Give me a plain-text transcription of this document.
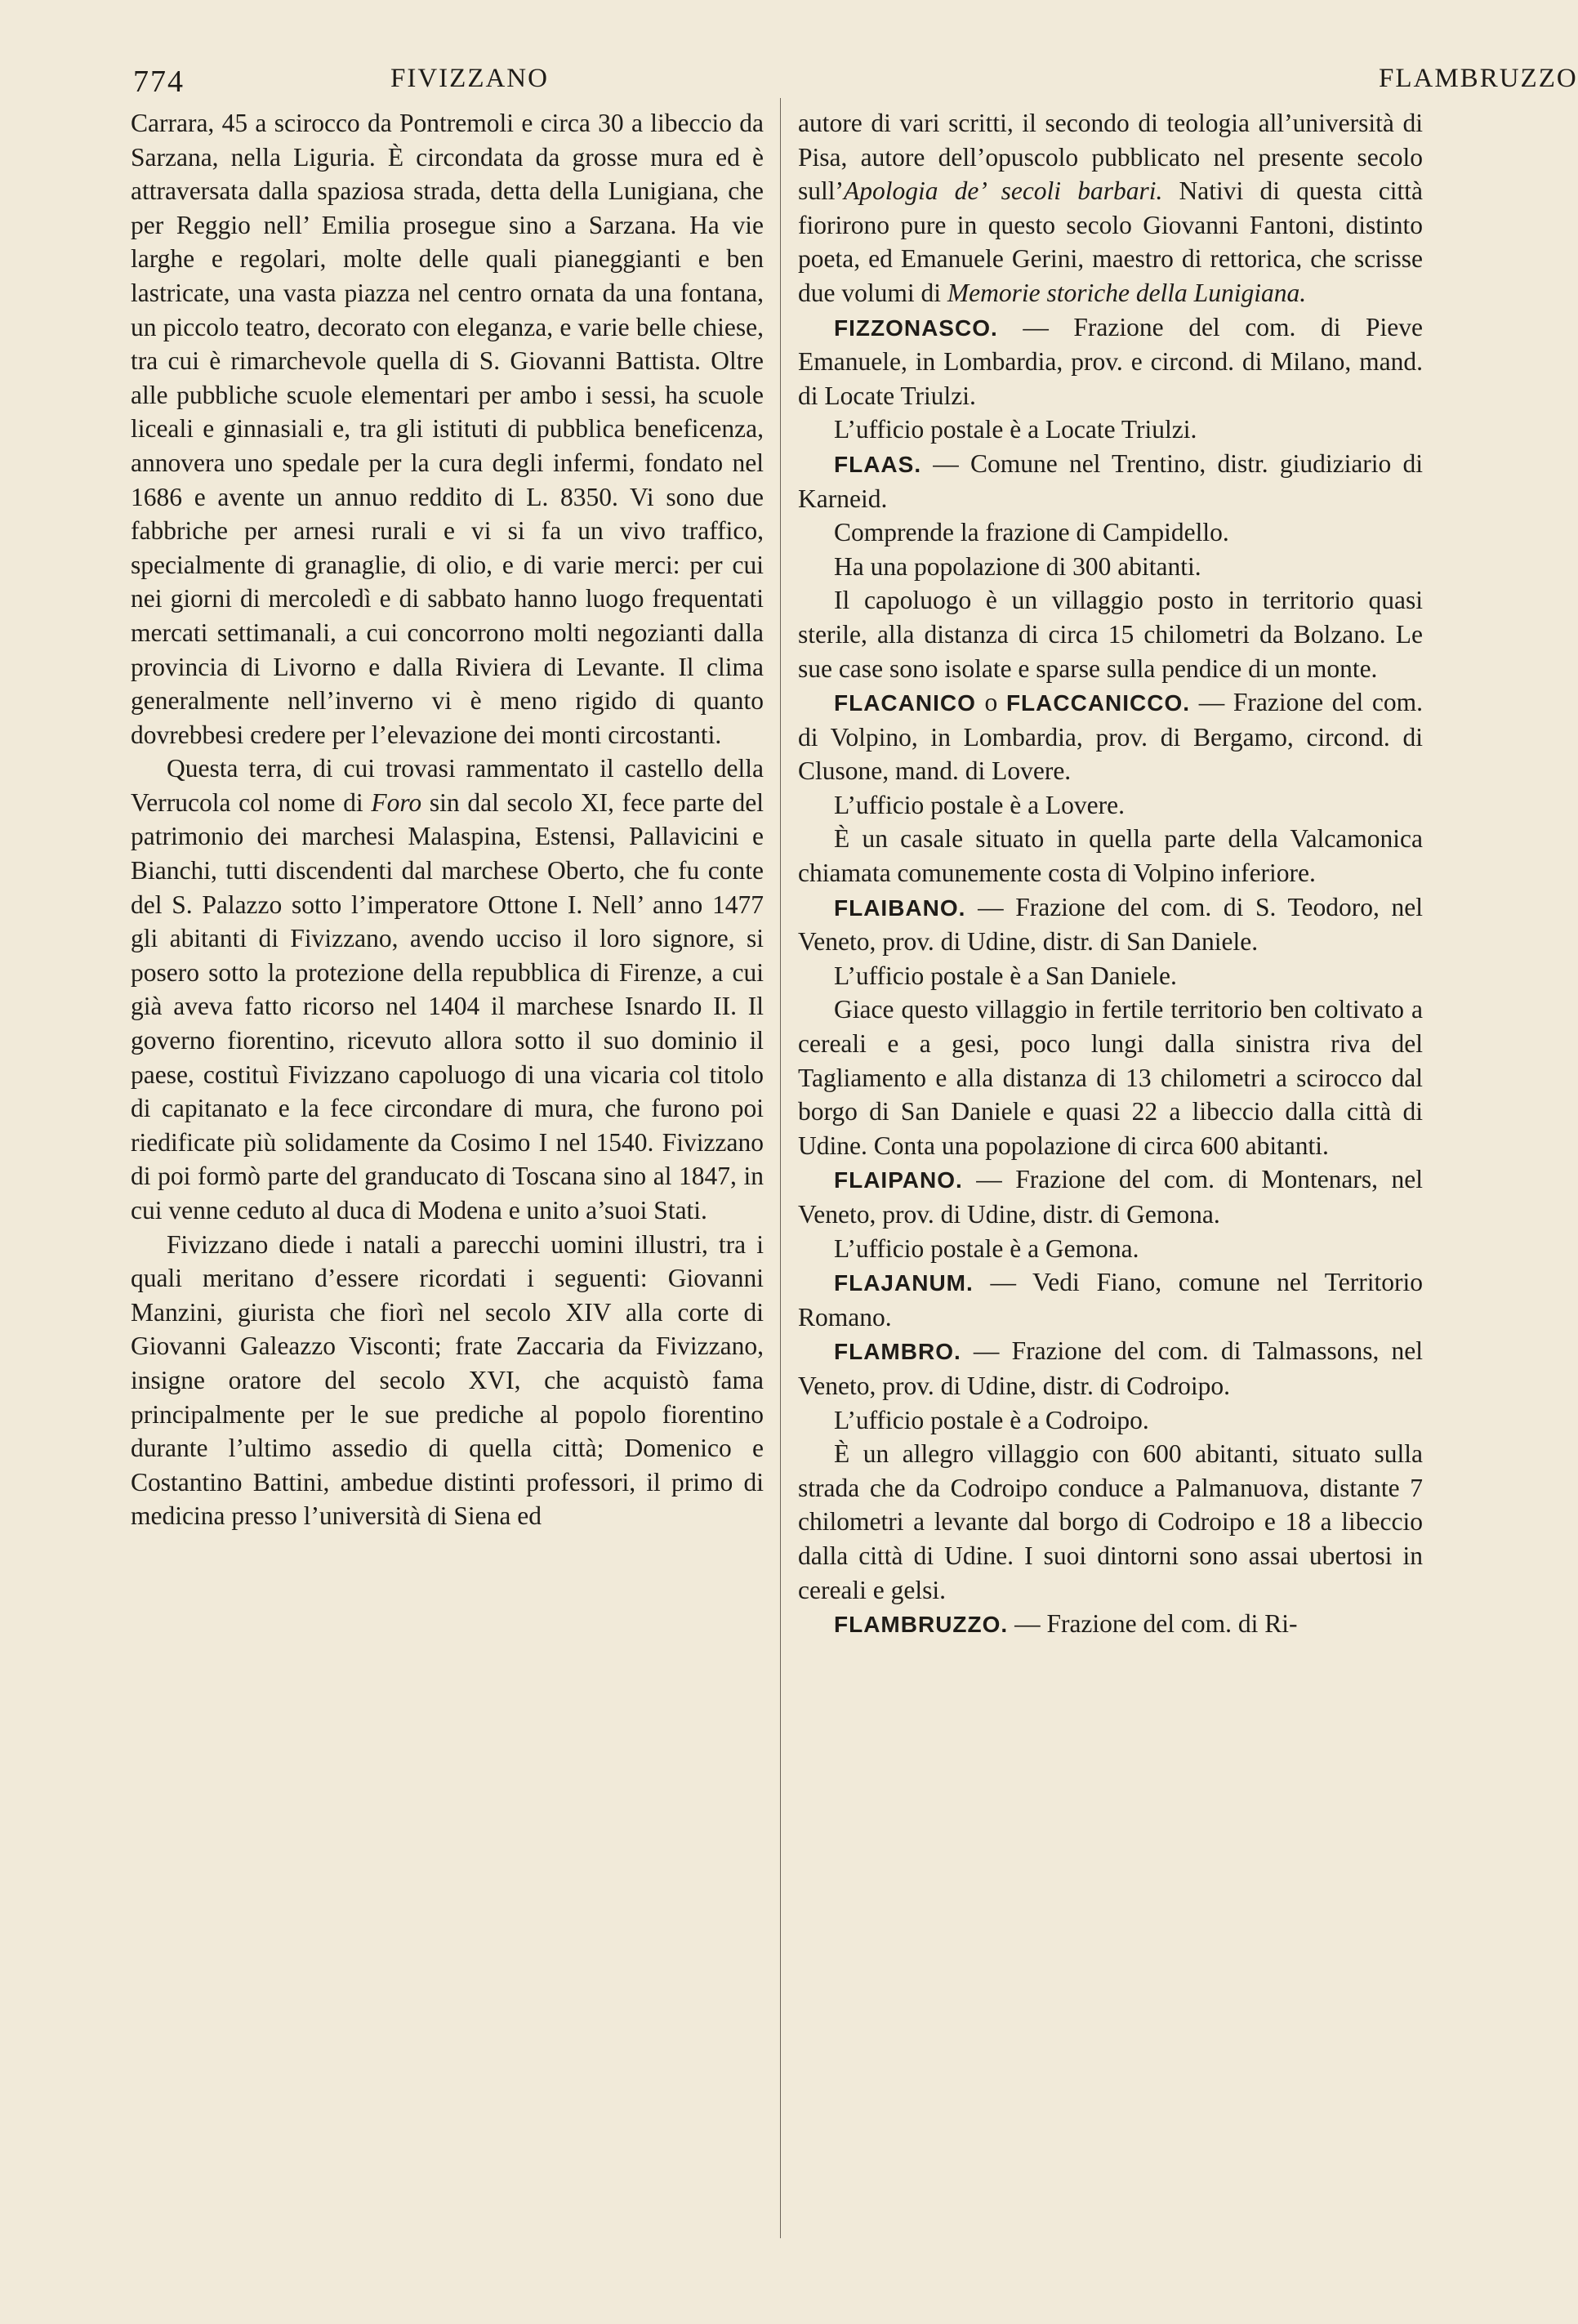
774	FIVIZZANO	FLAMBRUZZO

Carrara, 45 a scirocco da Pontremoli e circa 30 a libeccio da Sarzana, nella Liguria. È circondata da grosse mura ed è attraversata dalla spaziosa strada, detta della Lunigiana, che per Reggio nell’ Emilia prosegue sino a Sarzana. Ha vie larghe e regolari, molte delle quali pianeggianti e ben lastricate, una vasta piazza nel centro ornata da una fontana, un piccolo teatro, decorato con eleganza, e varie belle chiese, tra cui è rimarchevole quella di S. Giovanni Battista. Oltre alle pubbliche scuole elementari per ambo i sessi, ha scuole liceali e ginnasiali e, tra gli istituti di pubblica beneficenza, annovera uno spedale per la cura degli infermi, fondato nel 1686 e avente un annuo reddito di L. 8350. Vi sono due fabbriche per arnesi rurali e vi si fa un vivo traffico, specialmente di granaglie, di olio, e di varie merci: per cui nei giorni di mercoledì e di sabbato hanno luogo frequentati mercati settimanali, a cui concorrono molti negozianti dalla provincia di Livorno e dalla Riviera di Levante. Il clima generalmente nell’inverno vi è meno rigido di quanto dovrebbesi credere per l’elevazione dei monti circostanti.

Questa terra, di cui trovasi rammentato il castello della Verrucola col nome di Foro sin dal secolo XI, fece parte del patrimonio dei marchesi Malaspina, Estensi, Pallavicini e Bianchi, tutti discendenti dal marchese Oberto, che fu conte del S. Palazzo sotto l’imperatore Ottone I. Nell’ anno 1477 gli abitanti di Fivizzano, avendo ucciso il loro signore, si posero sotto la protezione della repubblica di Firenze, a cui già aveva fatto ricorso nel 1404 il marchese Isnardo II. Il governo fiorentino, ricevuto allora sotto il suo dominio il paese, costituì Fivizzano capoluogo di una vicaria col titolo di capitanato e la fece circondare di mura, che furono poi riedificate più solidamente da Cosimo I nel 1540. Fivizzano di poi formò parte del granducato di Toscana sino al 1847, in cui venne ceduto al duca di Modena e unito a’suoi Stati.

Fivizzano diede i natali a parecchi uomini illustri, tra i quali meritano d’essere ricordati i seguenti: Giovanni Manzini, giurista che fiorì nel secolo XIV alla corte di Giovanni Galeazzo Visconti; frate Zaccaria da Fivizzano, insigne oratore del secolo XVI, che acquistò fama principalmente per le sue prediche al popolo fiorentino durante l’ultimo assedio di quella città; Domenico e Costantino Battini, ambedue distinti professori, il primo di medicina presso l’università di Siena ed

autore di vari scritti, il secondo di teologia all’università di Pisa, autore dell’opuscolo pubblicato nel presente secolo sull’Apologia de’ secoli barbari. Nativi di questa città fiorirono pure in questo secolo Giovanni Fantoni, distinto poeta, ed Emanuele Gerini, maestro di rettorica, che scrisse due volumi di Memorie storiche della Lunigiana.

FIZZONASCO. — Frazione del com. di Pieve Emanuele, in Lombardia, prov. e circond. di Milano, mand. di Locate Triulzi.

L’ufficio postale è a Locate Triulzi.

FLAAS. — Comune nel Trentino, distr. giudiziario di Karneid.

Comprende la frazione di Campidello.

Ha una popolazione di 300 abitanti.

Il capoluogo è un villaggio posto in territorio quasi sterile, alla distanza di circa 15 chilometri da Bolzano. Le sue case sono isolate e sparse sulla pendice di un monte.

FLACANICO o FLACCANICCO. — Frazione del com. di Volpino, in Lombardia, prov. di Bergamo, circond. di Clusone, mand. di Lovere.

L’ufficio postale è a Lovere.

È un casale situato in quella parte della Valcamonica chiamata comunemente costa di Volpino inferiore.

FLAIBANO. — Frazione del com. di S. Teodoro, nel Veneto, prov. di Udine, distr. di San Daniele.

L’ufficio postale è a San Daniele.

Giace questo villaggio in fertile territorio ben coltivato a cereali e a gesi, poco lungi dalla sinistra riva del Tagliamento e alla distanza di 13 chilometri a scirocco dal borgo di San Daniele e quasi 22 a libeccio dalla città di Udine. Conta una popolazione di circa 600 abitanti.

FLAIPANO. — Frazione del com. di Montenars, nel Veneto, prov. di Udine, distr. di Gemona.

L’ufficio postale è a Gemona.

FLAJANUM. — Vedi Fiano, comune nel Territorio Romano.

FLAMBRO. — Frazione del com. di Talmassons, nel Veneto, prov. di Udine, distr. di Codroipo.

L’ufficio postale è a Codroipo.

È un allegro villaggio con 600 abitanti, situato sulla strada che da Codroipo conduce a Palmanuova, distante 7 chilometri a levante dal borgo di Codroipo e 18 a libeccio dalla città di Udine. I suoi dintorni sono assai ubertosi in cereali e gelsi.

FLAMBRUZZO. — Frazione del com. di Ri-
